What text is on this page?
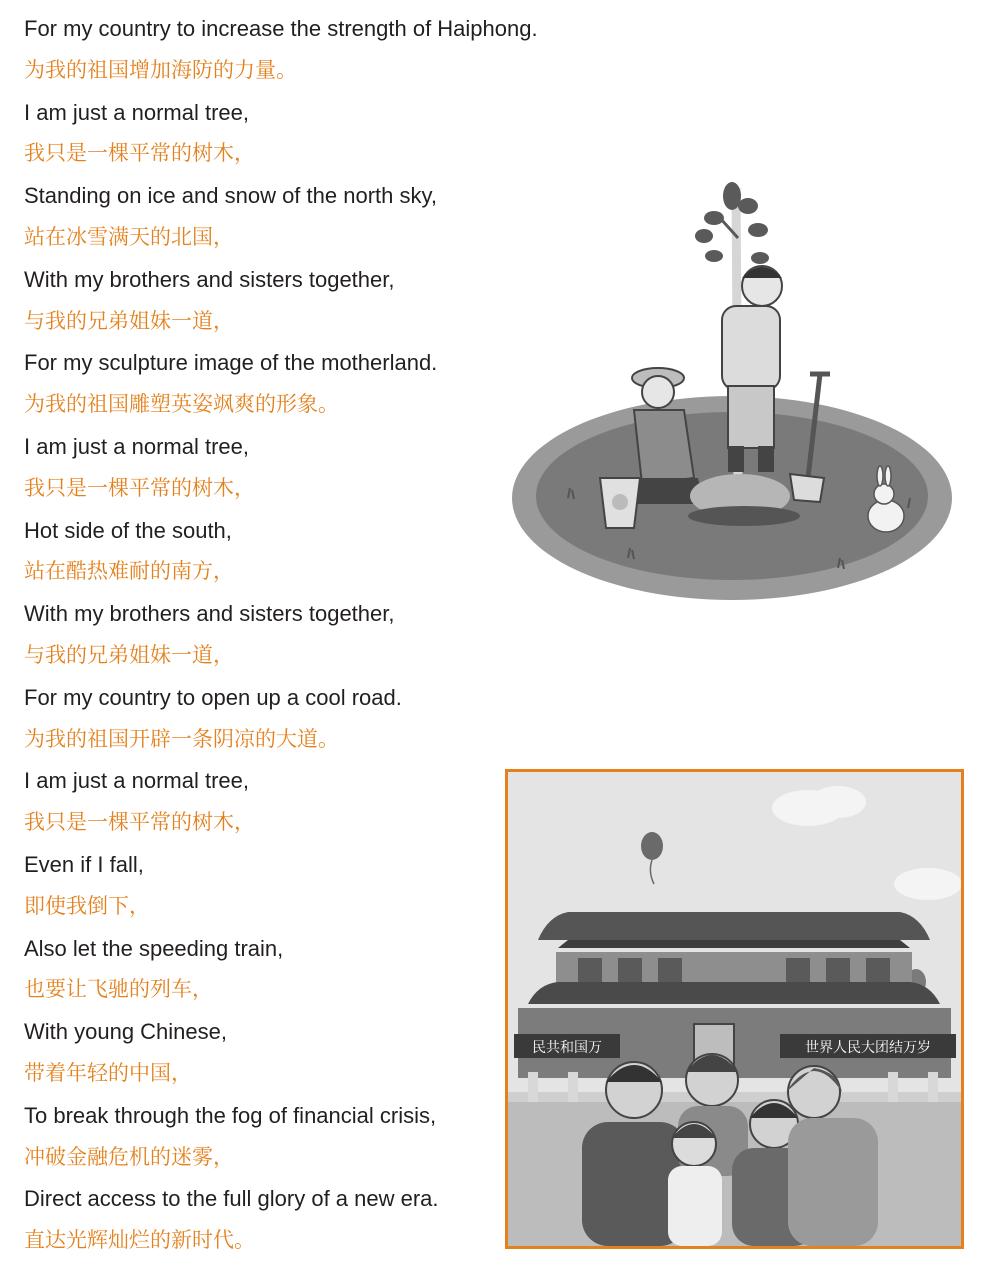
For my country to increase the strength of Haiphong.
为我的祖国增加海防的力量。
I am just a normal tree,
我只是一棵平常的树木，
Standing on ice and snow of the north sky,
站在冰雪满天的北国，
With my brothers and sisters together,
与我的兄弟姐妹一道，
For my sculpture image of the motherland.
为我的祖国雕塑英姿飒爽的形象。
I am just a normal tree,
我只是一棵平常的树木，
Hot side of the south,
站在酷热难耐的南方，
With my brothers and sisters together,
与我的兄弟姐妹一道，
For my country to open up a cool road.
为我的祖国开辟一条阴凉的大道。
I am just a normal tree,
我只是一棵平常的树木，
Even if I fall,
即使我倒下，
Also let the speeding train,
也要让飞驰的列车，
With young Chinese,
带着年轻的中国，
To break through the fog of financial crisis,
冲破金融危机的迷雾，
Direct access to the full glory of a new era.
直达光辉灿烂的新时代。
民共和国万	世界人民大团结万岁
